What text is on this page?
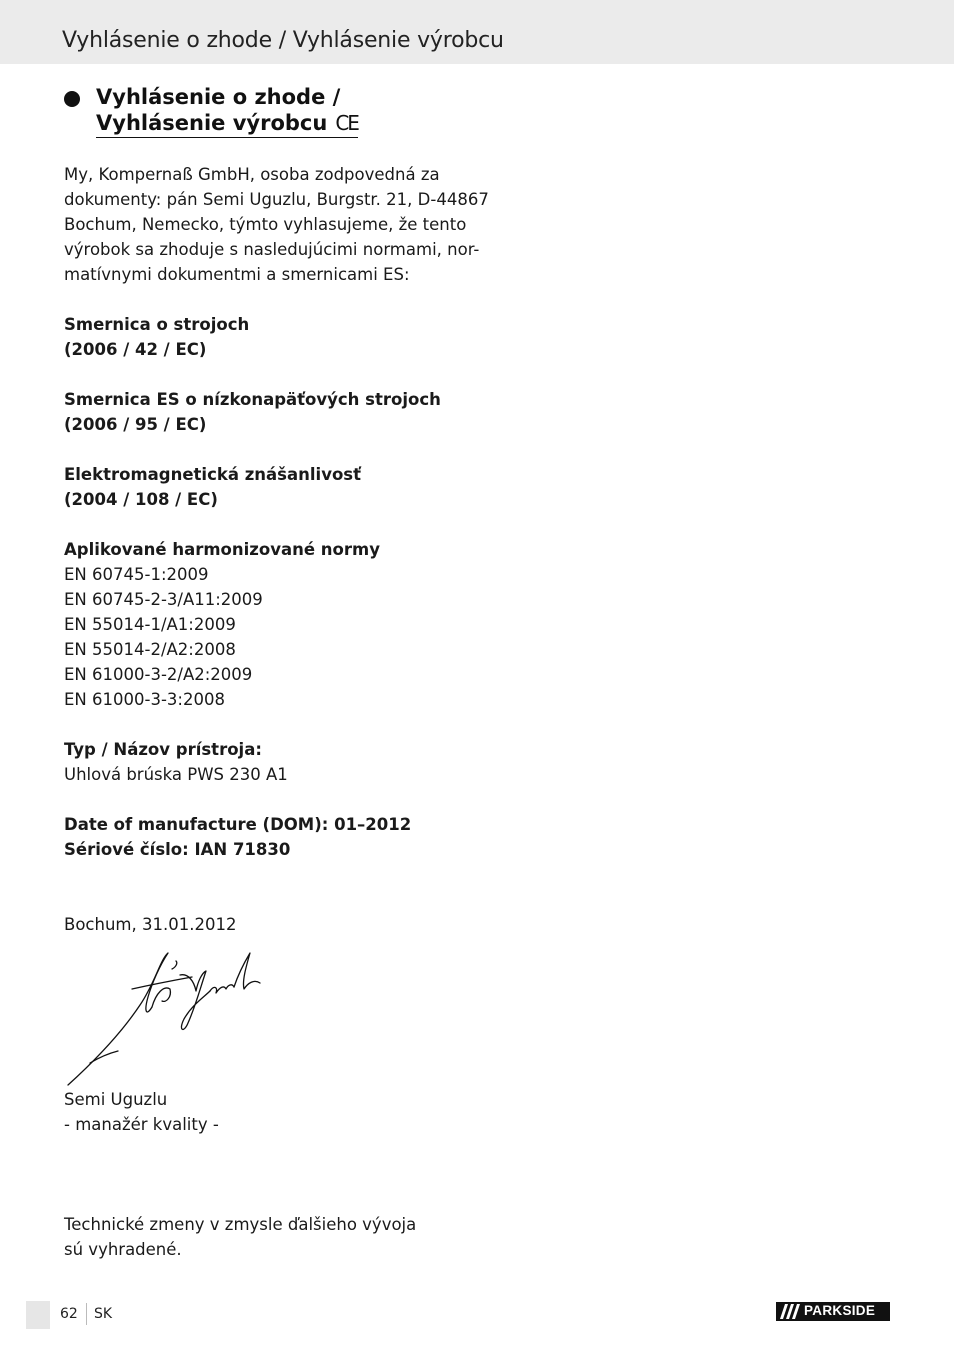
Vyhlásenie o zhode / Vyhlásenie výrobcu
Vyhlásenie o zhode /
Vyhlásenie výrobcu CE

My, Kompernaß GmbH, osoba zodpovedná za
dokumenty: pán Semi Uguzlu, Burgstr. 21, D-44867
Bochum, Nemecko, týmto vyhlasujeme, že tento
výrobok sa zhoduje s nasledujúcimi normami, nor-
matívnymi dokumentmi a smernicami ES:

Smernica o strojoch
(2006 / 42 / EC)

Smernica ES o nízkonapäťových strojoch
(2006 / 95 / EC)

Elektromagnetická znášanlivosť
(2004 / 108 / EC)

Aplikované harmonizované normy
EN 60745-1:2009
EN 60745-2-3/A11:2009
EN 55014-1/A1:2009
EN 55014-2/A2:2008
EN 61000-3-2/A2:2009
EN 61000-3-3:2008

Typ / Názov prístroja:
Uhlová brúska PWS 230 A1

Date of manufacture (DOM): 01–2012
Sériové číslo: IAN 71830

Bochum, 31.01.2012

Semi Uguzlu
- manažér kvality -

Technické zmeny v zmysle ďalšieho vývoja
sú vyhradené.

62 SK	PARKSIDE
